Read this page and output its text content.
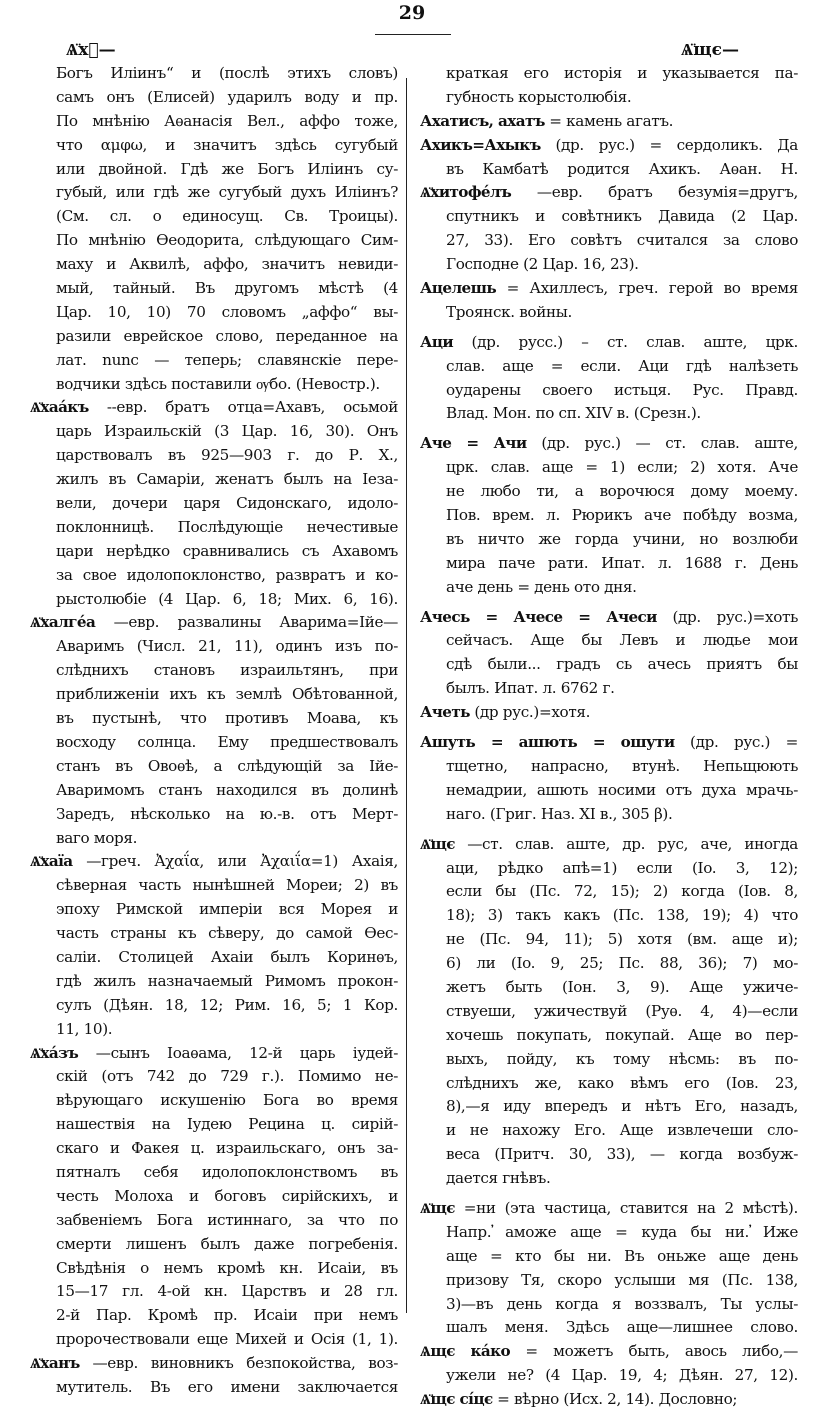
29
Ѧ̈хⷶ—	Ѧ̈щє—
Богъ Илiинъ“ и (послѣ этихъ словъ)
самъ онъ (Елисей) ударилъ воду и пр.
По мнѣнiю Аѳанасiя Вел., аффо тоже,
что αμφω, и значитъ здѣсь сугубый
или двойной. Гдѣ же Богъ Илiинъ су-
губый, или гдѣ же сугубый духъ Илiинъ?
(См. сл. о единосущ. Св. Троицы).
По мнѣнiю Ѳеодорита, слѣдующаго Сим-
маху и Аквилѣ, аффо, значитъ невиди-
мый, тайный. Въ другомъ мѣстѣ (4
Цар. 10, 10) 70 словомъ „аффо“ вы-
разили еврейское слово, переданное на
лат. nunc — теперь; славянскiе пере-
водчики здѣсь поставили ѹбо. (Невостр.).
Ѧ̈хаа́къ --евр. братъ отца=Ахавъ, осьмой
царь Израильскiй (3 Цар. 16, 30). Онъ
царствовалъ въ 925—903 г. до Р. Х.,
жилъ въ Самарiи, женатъ былъ на Iеза-
вели, дочери царя Сидонскаго, идоло-
поклонницѣ. Послѣдующiе нечестивые
цари нерѣдко сравнивались съ Ахавомъ
за свое идолопоклонство, развратъ и ко-
рыстолюбiе (4 Цар. 6, 18; Мих. 6, 16).
Ѧ̈халге́а —евр. развалины Аварима=Iйе—
Аваримъ (Числ. 21, 11), одинъ изъ по-
слѣднихъ становъ израильтянъ, при
приближенiи ихъ къ землѣ Обѣтованной,
въ пустынѣ, что противъ Моава, къ
восходу солнца. Ему предшествовалъ
станъ въ Овоѳѣ, а слѣдующiй за Iйе-
Аваримомъ станъ находился въ долинѣ
Заредъ, нѣсколько на ю.-в. отъ Мерт-
ваго моря.
Ѧ̈хаїа —греч. Ἀχαΐα, или Ἀχαιΐα=1) Ахаiя,
сѣверная часть нынѣшней Мореи; 2) въ
эпоху Римской имперiи вся Морея и
часть страны къ сѣверу, до самой Ѳес-
салiи. Столицей Ахаiи былъ Коринѳъ,
гдѣ жилъ назначаемый Римомъ прокон-
сулъ (Дѣян. 18, 12; Рим. 16, 5; 1 Кор.
11, 10).
Ѧ̈ха́зъ —сынъ Iоаѳама, 12-й царь iудей-
скiй (отъ 742 до 729 г.). Помимо не-
вѣрующаго искушенiю Бога во время
нашествiя на Iудею Рецина ц. сирiй-
скаго и Факея ц. израильскаго, онъ за-
пятналъ себя идолопоклонствомъ въ
честь Молоха и боговъ сирiйскихъ, и
забвенiемъ Бога истиннаго, за что по
смерти лишенъ былъ даже погребенiя.
Свѣдѣнiя о немъ кромѣ кн. Исаiи, въ
15—17 гл. 4-ой кн. Царствъ и 28 гл.
2-й Пар. Кромѣ пр. Исаiи при немъ
пророчествовали еще Михей и Осiя (1, 1).
Ѧ̈ханъ —евр. виновникъ безпокойства, воз-
мутитель. Въ его имени заключается
краткая его исторiя и указывается па-
губность корыстолюбiя.
Ахатисъ, ахатъ = камень агатъ.
Ахикъ=Ахыкъ (др. рус.) = сердоликъ. Да
въ Камбатѣ родится Ахикъ. Аѳан. Н.
Ѧ̈хитофе́лъ —евр. братъ безумiя=другъ,
спутникъ и совѣтникъ Давида (2 Цар.
27, 33). Его совѣтъ считался за слово
Господне (2 Цар. 16, 23).
Ацелешь = Ахиллесъ, греч. герой во время
Троянск. войны.
Аци (др. русс.) – ст. слав. аште, црк.
слав. аще = если. Аци гдѣ налѣзеть
оударены своего истьця. Рус. Правд.
Влад. Мон. по сп. XIV в. (Срезн.).
Аче = Ачи (др. рус.) — ст. слав. аште,
црк. слав. аще = 1) если; 2) хотя. Аче
не любо ти, а ворочюся дому моему.
Пов. врем. л. Рюрикъ аче побѣду возма,
въ ничто же горда учини, но возлюби
мира паче рати. Ипат. л. 1688 г. День
аче день = день ото дня.
Ачесь = Ачесе = Ачеси (др. рус.)=хоть
сейчасъ. Аще бы Левъ и людье мои
сдѣ были... градъ сь ачесь приятъ бы
былъ. Ипат. л. 6762 г.
Ачеть (др рус.)=хотя.
Ашуть = ашють = ошути (др. рус.) =
тщетно, напрасно, втунѣ. Непьщюють
немадрии, ашють носими отъ духа мрачь-
наго. (Григ. Наз. XI в., 305 β).
Ѧ̈щє —ст. слав. аште, др. рус, аче, иногда
аци, рѣдко апѣ=1) если (Io. 3, 12);
если бы (Пс. 72, 15); 2) когда (Iов. 8,
18); 3) такъ какъ (Пс. 138, 19); 4) что
не (Пс. 94, 11); 5) хотя (вм. аще и);
6) ли (Io. 9, 25; Пс. 88, 36); 7) мо-
жетъ быть (Iон. 3, 9). Аще ужиче-
ствуеши, ужичествуй (Руѳ. 4, 4)—если
хочешь покупать, покупай. Аще во пер-
выхъ, пойду, къ тому нѣсмь: въ по-
слѣднихъ же, како вѣмъ его (Iов. 23,
8),—я иду впередъ и нѣтъ Его, назадъ,
и не нахожу Его. Аще извлечеши сло-
веса (Притч. 30, 33), — когда возбуж-
дается гнѣвъ.
Ѧ̈щє =ни (эта частица, ставится на 2 мѣстѣ).
Напр. ̓аможе аще = куда бы ни. ̓Иже
аще = кто бы ни. Въ оньже аще день
призову Тя, скоро услыши мя (Пс. 138,
3)—въ день когда я воззвалъ, Ты услы-
шалъ меня. Здѣсь аще—лишнее слово.
Ѧщє ка́ко = можетъ быть, авось либо,—
ужели не? (4 Цар. 19, 4; Дѣян. 27, 12).
Ѧ̈щє сі́цє = вѣрно (Исх. 2, 14). Дословно;
